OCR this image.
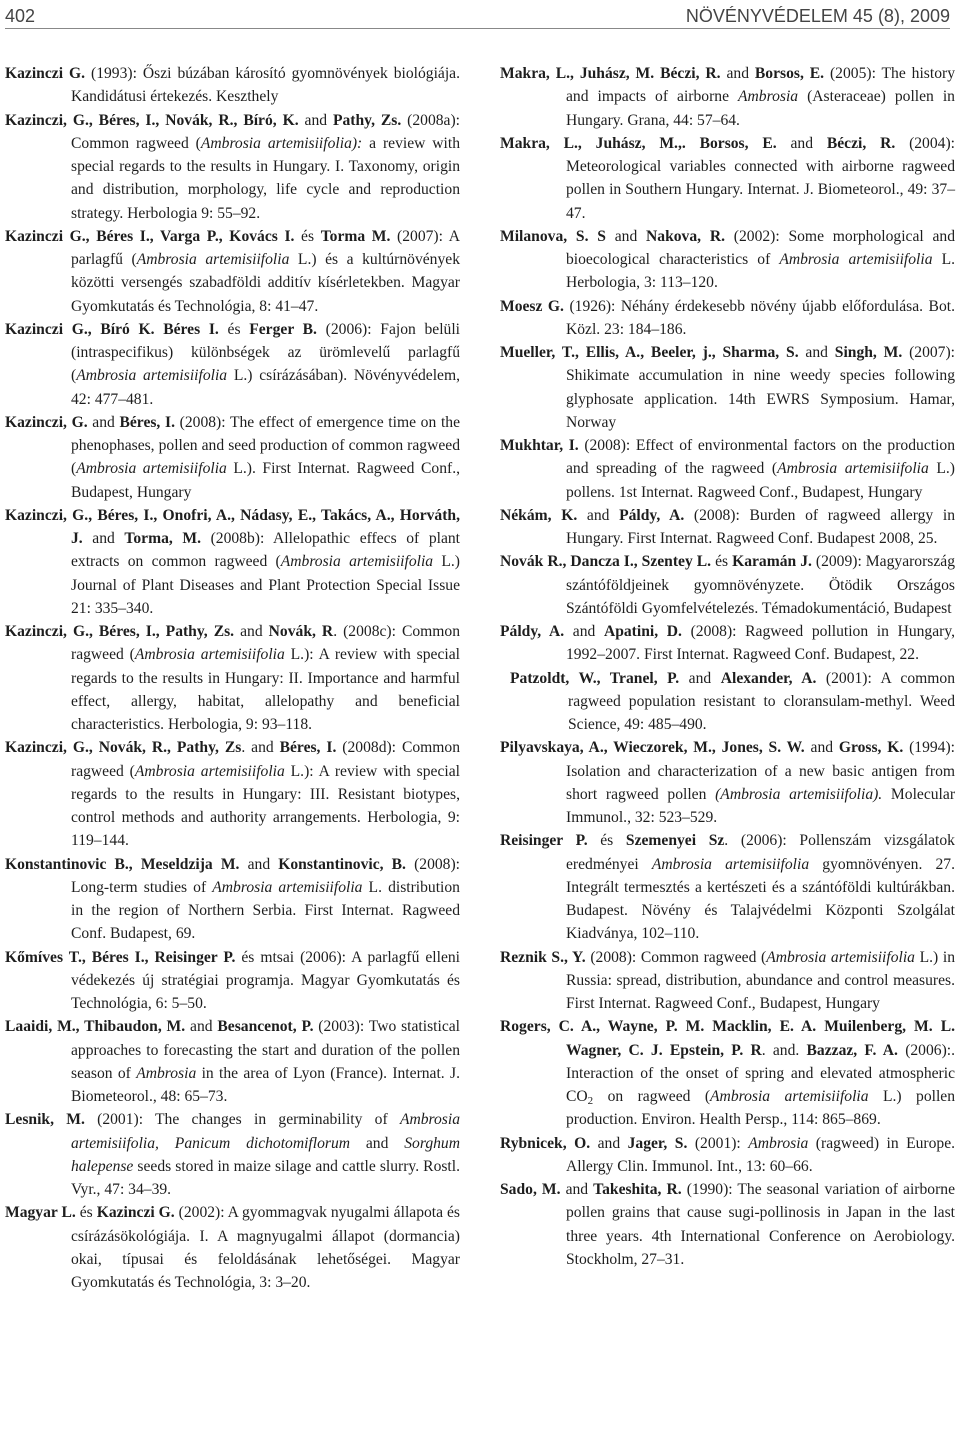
402	NÖVÉNYVÉDELEM 45 (8), 2009

Kazinczi G. (1993): Őszi búzában károsító gyomnövények biológiája. Kandidátusi értekezés. Keszthely

Kazinczi, G., Béres, I., Novák, R., Bíró, K. and Pathy, Zs. (2008a): Common ragweed (Ambrosia artemisiifolia): a review with special regards to the results in Hungary. I. Taxonomy, origin and distribution, morphology, life cycle and reproduction strategy. Herbologia 9: 55–92.

Kazinczi G., Béres I., Varga P., Kovács I. és Torma M. (2007): A parlagfű (Ambrosia artemisiifolia L.) és a kultúrnövények közötti versengés szabadföldi additív kísérletekben. Magyar Gyomkutatás és Technológia, 8: 41–47.

Kazinczi G., Bíró K. Béres I. és Ferger B. (2006): Fajon belüli (intraspecifikus) különbségek az ürömlevelű parlagfű (Ambrosia artemisiifolia L.) csírázásában). Növényvédelem, 42: 477–481.

Kazinczi, G. and Béres, I. (2008): The effect of emergence time on the phenophases, pollen and seed production of common ragweed (Ambrosia artemisiifolia L.). First Internat. Ragweed Conf., Budapest, Hungary

Kazinczi, G., Béres, I., Onofri, A., Nádasy, E., Takács, A., Horváth, J. and Torma, M. (2008b): Allelopathic effecs of plant extracts on common ragweed (Ambrosia artemisiifolia L.) Journal of Plant Diseases and Plant Protection Special Issue 21: 335–340.

Kazinczi, G., Béres, I., Pathy, Zs. and Novák, R. (2008c): Common ragweed (Ambrosia artemisiifolia L.): A review with special regards to the results in Hungary: II. Importance and harmful effect, allergy, habitat, allelopathy and beneficial characteristics. Herbologia, 9: 93–118.

Kazinczi, G., Novák, R., Pathy, Zs. and Béres, I. (2008d): Common ragweed (Ambrosia artemisiifolia L.): A review with special regards to the results in Hungary: III. Resistant biotypes, control methods and authority arrangements. Herbologia, 9: 119–144.

Konstantinovic B., Meseldzija M. and Konstantinovic, B. (2008): Long-term studies of Ambrosia artemisiifolia L. distribution in the region of Northern Serbia. First Internat. Ragweed Conf. Budapest, 69.

Kőmíves T., Béres I., Reisinger P. és mtsai (2006): A parlagfű elleni védekezés új stratégiai programja. Magyar Gyomkutatás és Technológia, 6: 5–50.

Laaidi, M., Thibaudon, M. and Besancenot, P. (2003): Two statistical approaches to forecasting the start and duration of the pollen season of Ambrosia in the area of Lyon (France). Internat. J. Biometeorol., 48: 65–73.

Lesnik, M. (2001): The changes in germinability of Ambrosia artemisiifolia, Panicum dichotomiflorum and Sorghum halepense seeds stored in maize silage and cattle slurry. Rostl. Vyr., 47: 34–39.

Magyar L. és Kazinczi G. (2002): A gyommagvak nyugalmi állapota és csírázásökológiája. I. A magnyugalmi állapot (dormancia) okai, típusai és feloldásának lehetőségei. Magyar Gyomkutatás és Technológia, 3: 3–20.

Makra, L., Juhász, M. Béczi, R. and Borsos, E. (2005): The history and impacts of airborne Ambrosia (Asteraceae) pollen in Hungary. Grana, 44: 57–64.

Makra, L., Juhász, M.,. Borsos, E. and Béczi, R. (2004): Meteorological variables connected with airborne ragweed pollen in Southern Hungary. Internat. J. Biometeorol., 49: 37–47.

Milanova, S. S and Nakova, R. (2002): Some morphological and bioecological characteristics of Ambrosia artemisiifolia L. Herbologia, 3: 113–120.

Moesz G. (1926): Néhány érdekesebb növény újabb előfordulása. Bot. Közl. 23: 184–186.

Mueller, T., Ellis, A., Beeler, j., Sharma, S. and Singh, M. (2007): Shikimate accumulation in nine weedy species following glyphosate application. 14th EWRS Symposium. Hamar, Norway

Mukhtar, I. (2008): Effect of environmental factors on the production and spreading of the ragweed (Ambrosia artemisiifolia L.) pollens. 1st Internat. Ragweed Conf., Budapest, Hungary

Nékám, K. and Páldy, A. (2008): Burden of ragweed allergy in Hungary. First Internat. Ragweed Conf. Budapest 2008, 25.

Novák R., Dancza I., Szentey L. és Karamán J. (2009): Magyarország szántóföldjeinek gyomnövényzete. Ötödik Országos Szántóföldi Gyomfelvételezés. Témadokumentáció, Budapest

Páldy, A. and Apatini, D. (2008): Ragweed pollution in Hungary, 1992–2007. First Internat. Ragweed Conf. Budapest, 22.

Patzoldt, W., Tranel, P. and Alexander, A. (2001): A common ragweed population resistant to cloransulam-methyl. Weed Science, 49: 485–490.

Pilyavskaya, A., Wieczorek, M., Jones, S. W. and Gross, K. (1994): Isolation and characterization of a new basic antigen from short ragweed pollen (Ambrosia artemisiifolia). Molecular Immunol., 32: 523–529.

Reisinger P. és Szemenyei Sz. (2006): Pollenszám vizsgálatok eredményei Ambrosia artemisiifolia gyomnövényen. 27. Integrált termesztés a kertészeti és a szántóföldi kultúrákban. Budapest. Növény és Talajvédelmi Központi Szolgálat Kiadványa, 102–110.

Reznik S., Y. (2008): Common ragweed (Ambrosia artemisiifolia L.) in Russia: spread, distribution, abundance and control measures. First Internat. Ragweed Conf., Budapest, Hungary

Rogers, C. A., Wayne, P. M. Macklin, E. A. Muilenberg, M. L. Wagner, C. J. Epstein, P. R. and. Bazzaz, F. A. (2006):. Interaction of the onset of spring and elevated atmospheric $CO_2$ on ragweed (Ambrosia artemisiifolia L.) pollen production. Environ. Health Persp., 114: 865–869.

Rybnicek, O. and Jager, S. (2001): Ambrosia (ragweed) in Europe. Allergy Clin. Immunol. Int., 13: 60–66.

Sado, M. and Takeshita, R. (1990): The seasonal variation of airborne pollen grains that cause sugi-pollinosis in Japan in the last three years. 4th International Conference on Aerobiology. Stockholm, 27–31.
